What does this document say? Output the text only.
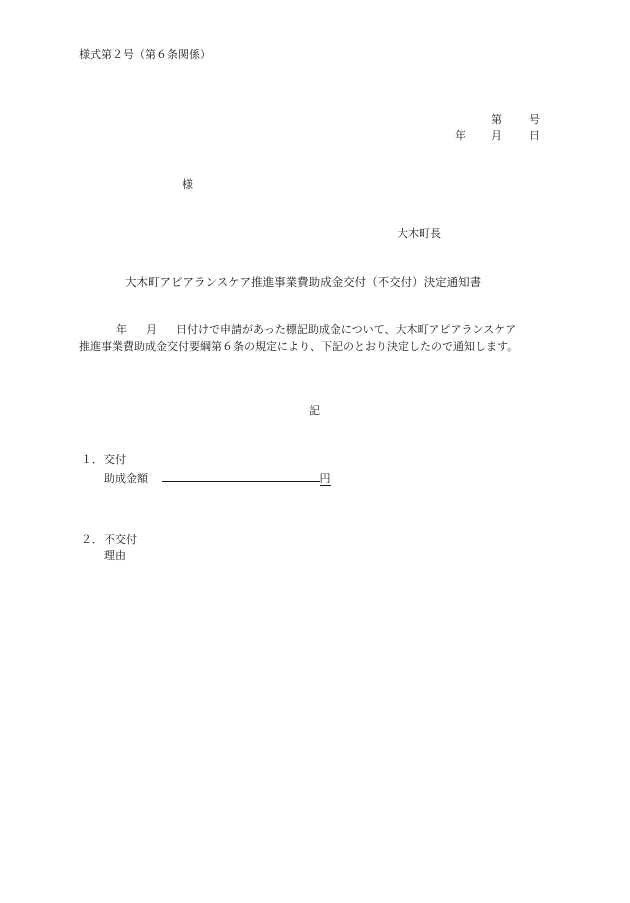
様式第２号（第６条関係）
第 号
年 月 日
様
大木町長
大木町アピアランスケア推進事業費助成金交付（不交付）決定通知書
年 月 日付けで申請があった標記助成金について、大木町アピアランスケア
推進事業費助成金交付要綱第６条の規定により、下記のとおり決定したので通知します。
記
１． 交付
助成金額	円
２． 不交付
理由
